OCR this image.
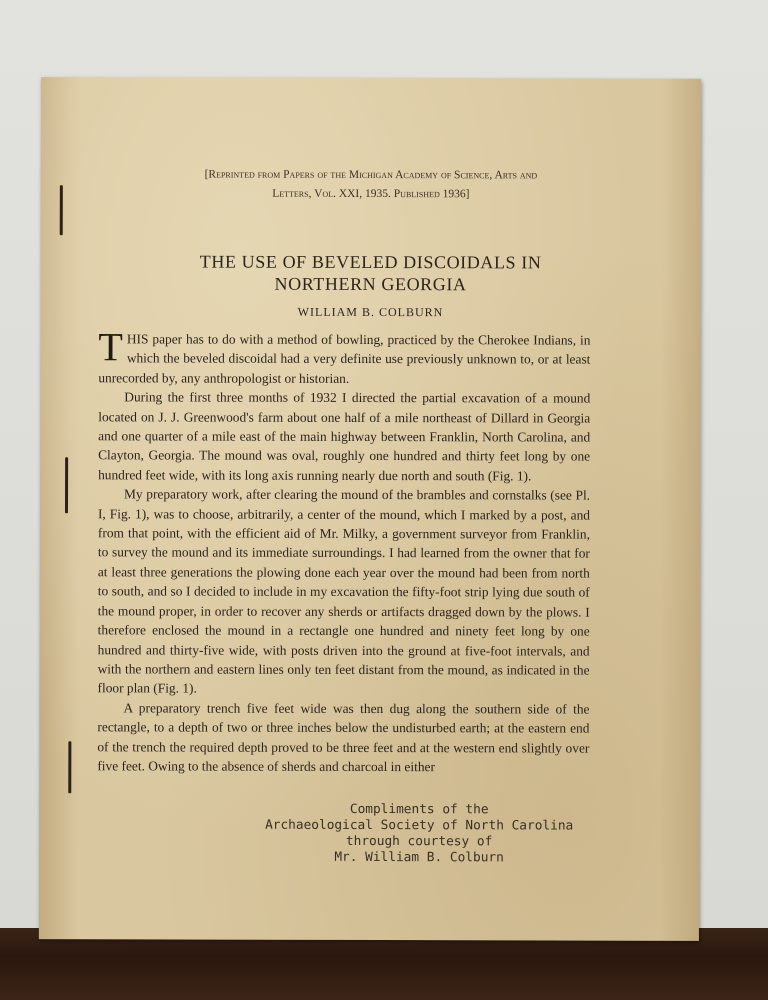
[Reprinted from Papers of the Michigan Academy of Science, Arts and
Letters, Vol. XXI, 1935. Published 1936]
THE USE OF BEVELED DISCOIDALS IN
NORTHERN GEORGIA
WILLIAM B. COLBURN

THIS paper has to do with a method of bowling, practiced by the Cherokee Indians, in which the beveled discoidal had a very definite use previously unknown to, or at least unrecorded by, any anthropologist or historian.

During the first three months of 1932 I directed the partial excavation of a mound located on J. J. Greenwood's farm about one half of a mile northeast of Dillard in Georgia and one quarter of a mile east of the main highway between Franklin, North Carolina, and Clayton, Georgia. The mound was oval, roughly one hundred and thirty feet long by one hundred feet wide, with its long axis running nearly due north and south (Fig. 1).

My preparatory work, after clearing the mound of the brambles and cornstalks (see Pl. I, Fig. 1), was to choose, arbitrarily, a center of the mound, which I marked by a post, and from that point, with the efficient aid of Mr. Milky, a government surveyor from Franklin, to survey the mound and its immediate surroundings. I had learned from the owner that for at least three generations the plowing done each year over the mound had been from north to south, and so I decided to include in my excavation the fifty-foot strip lying due south of the mound proper, in order to recover any sherds or artifacts dragged down by the plows. I therefore enclosed the mound in a rectangle one hundred and ninety feet long by one hundred and thirty-five wide, with posts driven into the ground at five-foot intervals, and with the northern and eastern lines only ten feet distant from the mound, as indicated in the floor plan (Fig. 1).

A preparatory trench five feet wide was then dug along the southern side of the rectangle, to a depth of two or three inches below the undisturbed earth; at the eastern end of the trench the required depth proved to be three feet and at the western end slightly over five feet. Owing to the absence of sherds and charcoal in either

Compliments of the
Archaeological Society of North Carolina
through courtesy of
Mr. William B. Colburn
